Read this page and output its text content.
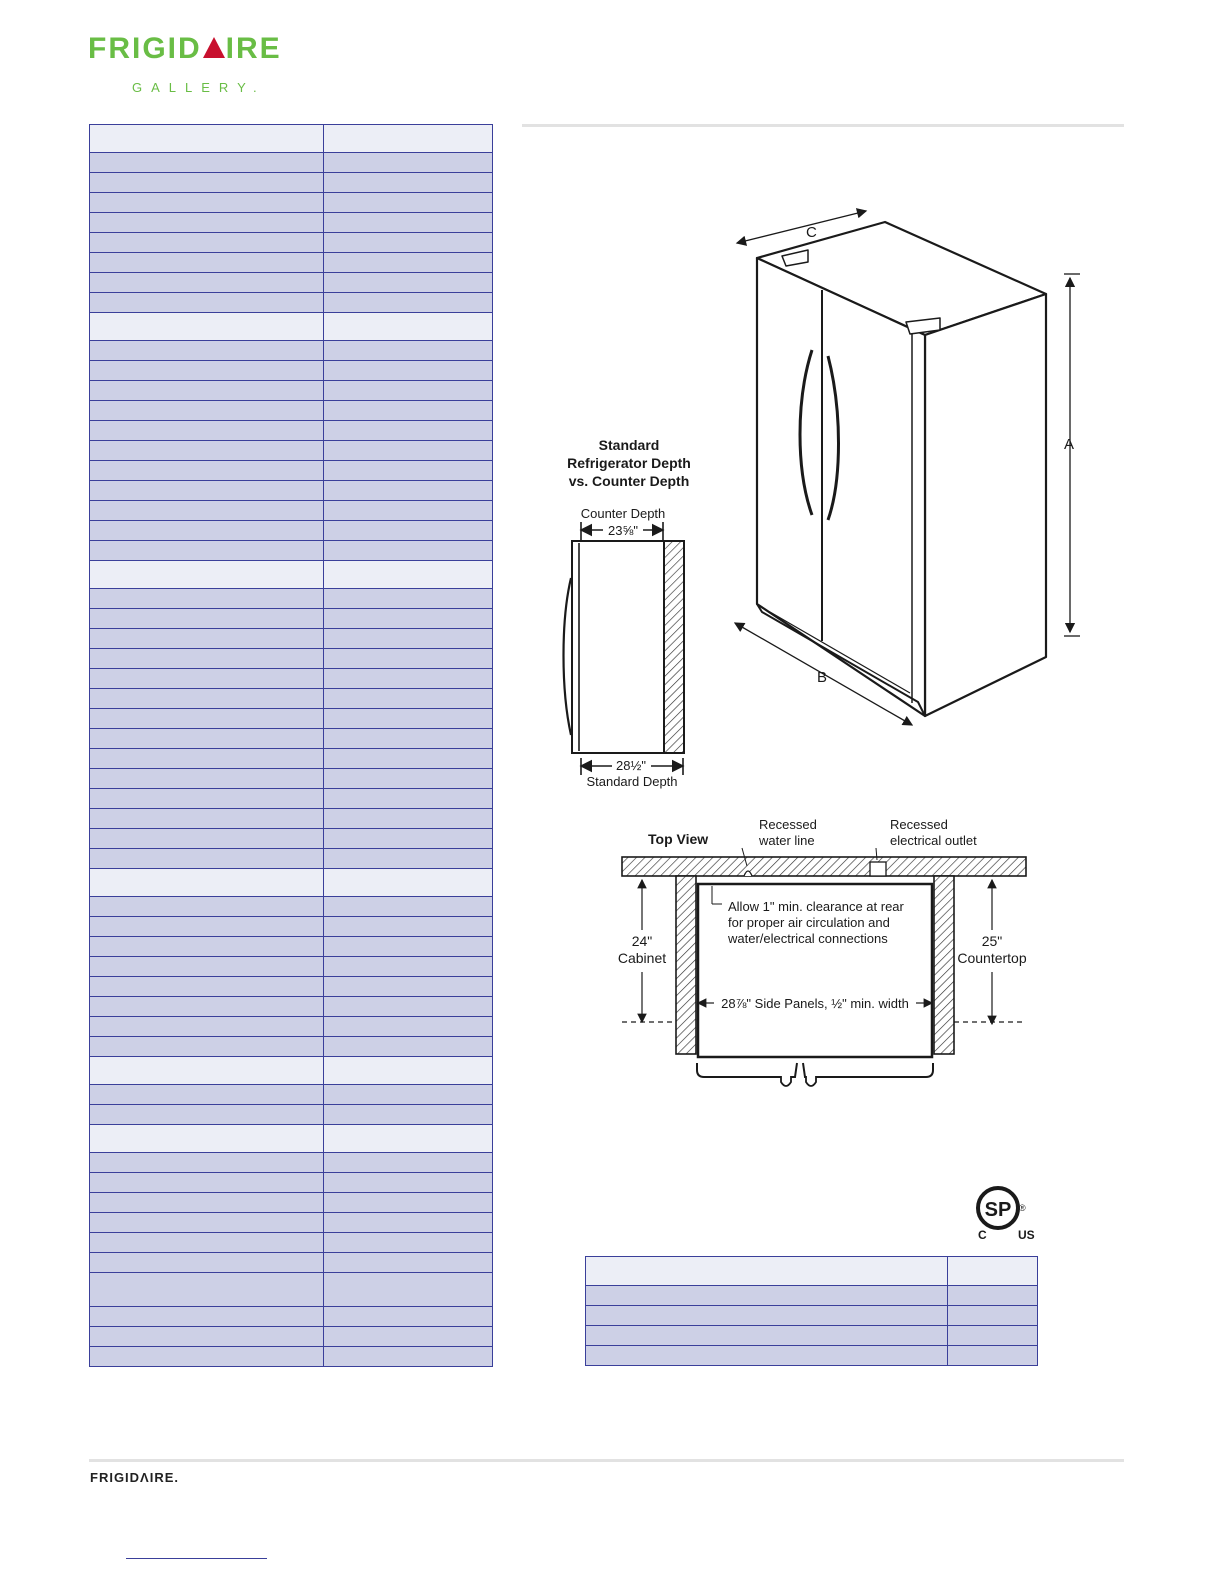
FRIGID IRE
GALLERY.

A
B
C
Standard
Refrigerator Depth
vs. Counter Depth
Counter Depth
23⅝"
28½"
Standard Depth
Top View
Recessed
water line
Recessed
electrical outlet
Allow 1" min. clearance at rear
for proper air circulation and
water/electrical connections
24"
Cabinet
25"
Countertop
28⅞" Side Panels, ½" min. width
SP ®
C	US

FRIGIDΛIRE.
